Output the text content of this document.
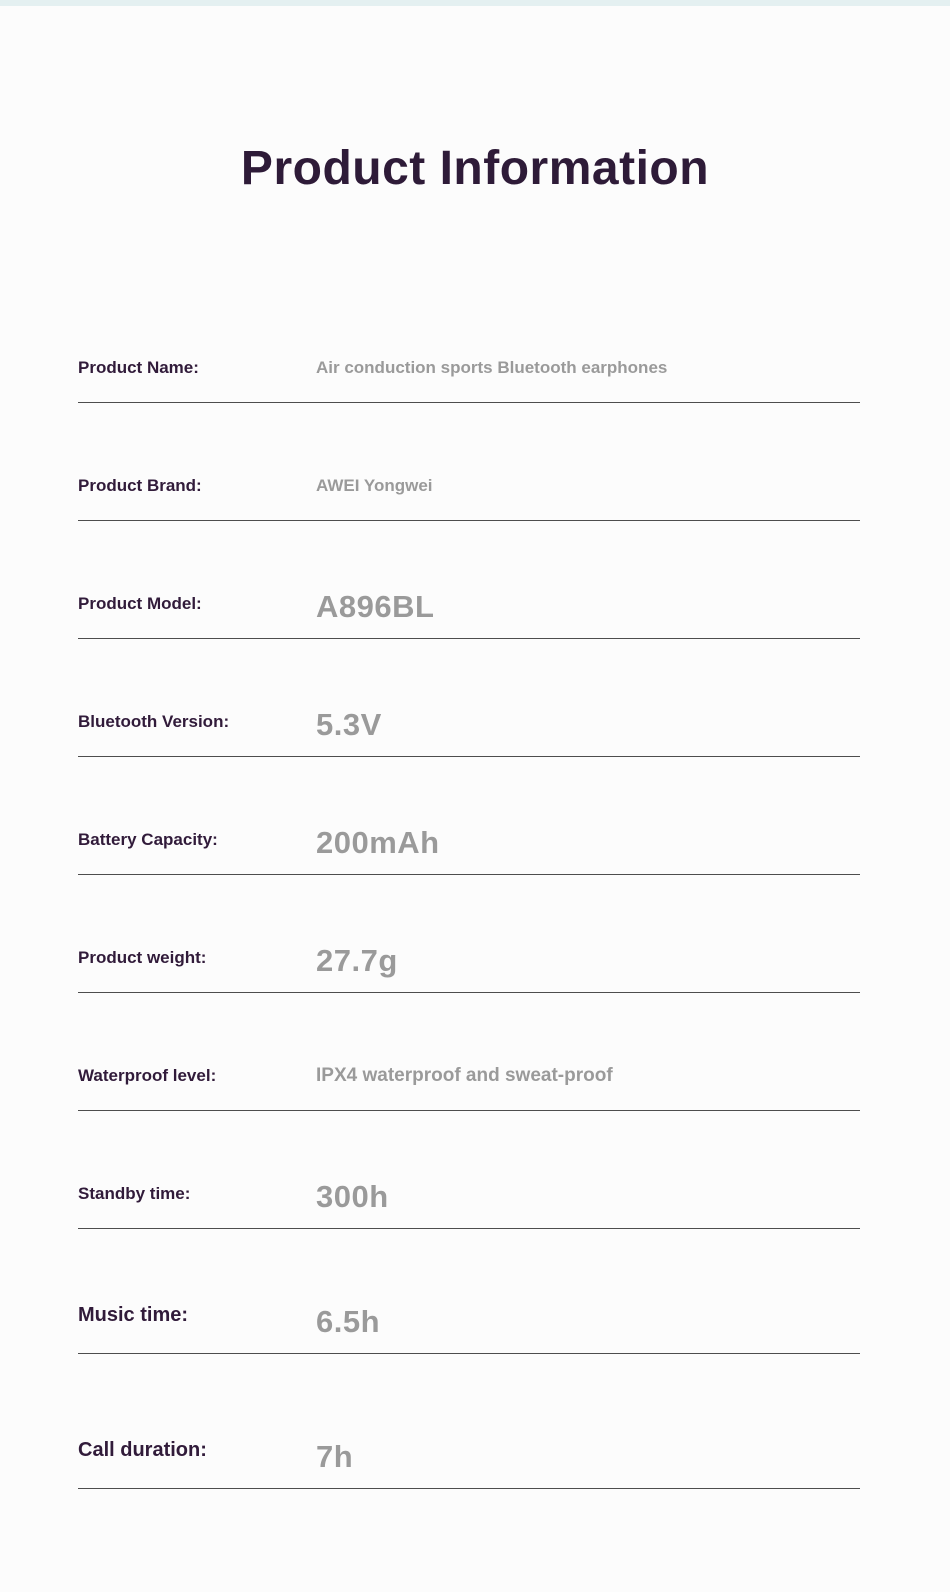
Product Information
Product Name:	Air conduction sports Bluetooth earphones
Product Brand:	AWEI Yongwei
Product Model:	A896BL
Bluetooth Version:	5.3V
Battery Capacity:	200mAh
Product weight:	27.7g
Waterproof level:	IPX4 waterproof and sweat-proof
Standby time:	300h
Music time:	6.5h
Call duration:	7h
